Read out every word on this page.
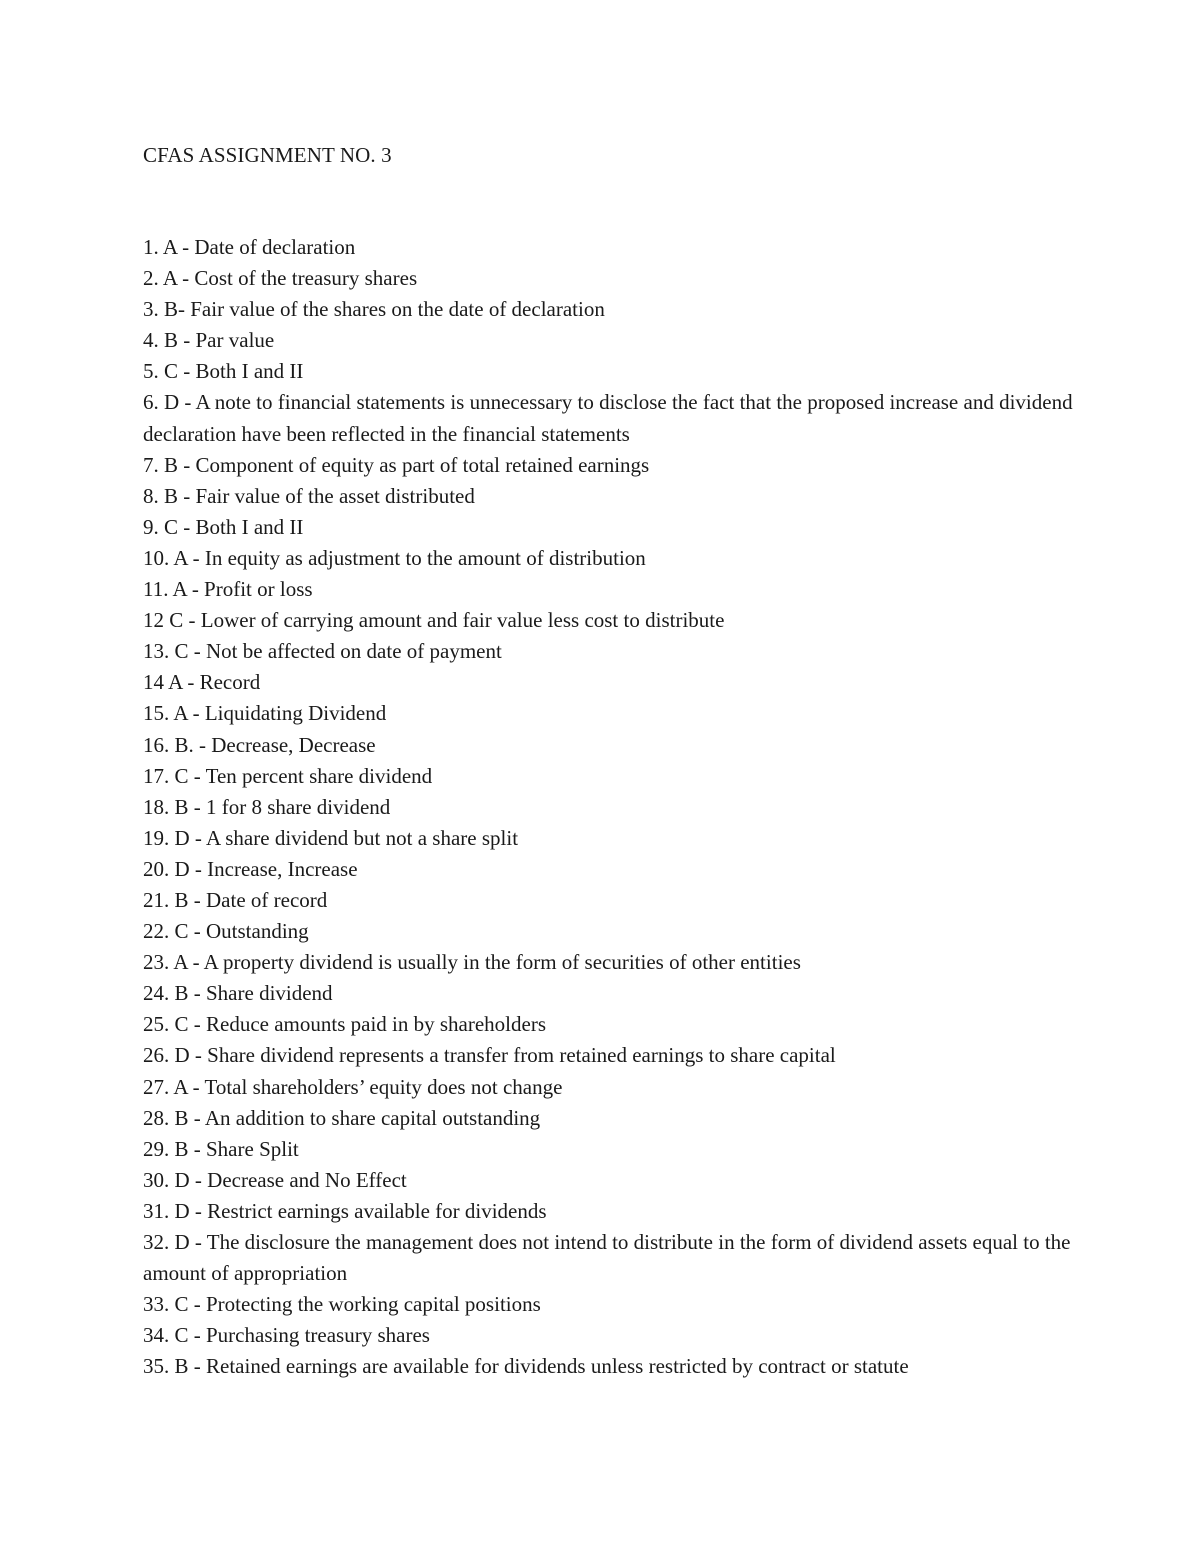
CFAS ASSIGNMENT NO. 3
1. A - Date of declaration
2. A - Cost of the treasury shares
3. B- Fair value of the shares on the date of declaration
4. B - Par value
5. C - Both I and II
6. D - A note to financial statements is unnecessary to disclose the fact that the proposed increase and dividend declaration have been reflected in the financial statements
7. B - Component of equity as part of total retained earnings
8. B - Fair value of the asset distributed
9. C - Both I and II
10. A - In equity as adjustment to the amount of distribution
11. A - Profit or loss
12 C - Lower of carrying amount and fair value less cost to distribute
13. C - Not be affected on date of payment
14 A - Record
15. A - Liquidating Dividend
16. B. - Decrease, Decrease
17. C - Ten percent share dividend
18. B - 1 for 8 share dividend
19. D - A share dividend but not a share split
20. D - Increase, Increase
21. B - Date of record
22. C - Outstanding
23. A - A property dividend is usually in the form of securities of other entities
24. B - Share dividend
25. C - Reduce amounts paid in by shareholders
26. D - Share dividend represents a transfer from retained earnings to share capital
27. A - Total shareholders’ equity does not change
28. B - An addition to share capital outstanding
29. B - Share Split
30. D - Decrease and No Effect
31. D - Restrict earnings available for dividends
32. D - The disclosure the management does not intend to distribute in the form of dividend assets equal to the amount of appropriation
33. C - Protecting the working capital positions
34. C - Purchasing treasury shares
35. B - Retained earnings are available for dividends unless restricted by contract or statute
